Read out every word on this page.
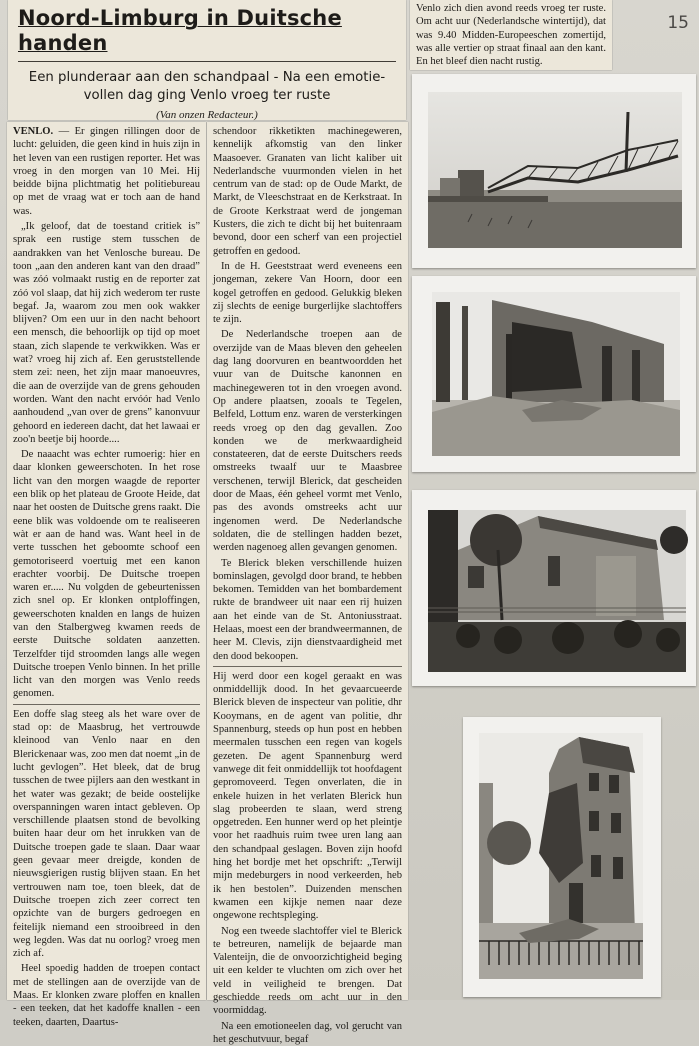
15
Noord-Limburg in Duitsche handen
Een plunderaar aan den schandpaal - Na een emotie-
vollen dag ging Venlo vroeg ter ruste
(Van onzen Redacteur.)

VENLO. — Er gingen rillingen door de lucht: geluiden, die geen kind in huis zijn in het leven van een rustigen reporter. Het was vroeg in den morgen van 10 Mei. Hij beidde bijna plichtmatig het politiebureau op met de vraag wat er toch aan de hand was.

„Ik geloof, dat de toestand critiek is” sprak een rustige stem tusschen de aandrakken van het Venlosche bureau. De toon „aan den anderen kant van den draad” was zóó volmaakt rustig en de reporter zat zóó vol slaap, dat hij zich wederom ter ruste begaf. Ja, waarom zou men ook wakker blijven? Om een uur in den nacht behoort een mensch, die behoorlijk op tijd op moet staan, zich slapende te verkwikken. Was er wat? vroeg hij zich af. Een geruststellende stem zei: neen, het zijn maar manoeuvres, die aan de overzijde van de grens gehouden worden. Want den nacht ervóór had Venlo aanhoudend „van over de grens” kanonvuur gehoord en iedereen dacht, dat het lawaai er zoo'n beetje bij hoorde....

De naaacht was echter rumoerig: hier en daar klonken geweerschoten. In het rose licht van den morgen waagde de reporter een blik op het plateau de Groote Heide, dat naar het oosten de Duitsche grens raakt. Die eene blik was voldoende om te realiseeren wàt er aan de hand was. Want heel in de verte tusschen het geboomte schoof een gemotoriseerd voertuig met een kanon erachter voorbij. De Duitsche troepen waren er..... Nu volgden de gebeurtenissen zich snel op. Er klonken ontploffingen, geweerschoten knalden en langs de huizen van den Stalbergweg kwamen reeds de eerste Duitsche soldaten aanzetten. Terzelfder tijd stroomden langs alle wegen Duitsche troepen Venlo binnen. In het prille licht van den morgen was Venlo reeds genomen.

Een doffe slag steeg als het ware over de stad op: de Maasbrug, het vertrouwde kleinood van Venlo naar en den Blerickenaar was, zoo men dat noemt „in de lucht gevlogen”. Het bleek, dat de brug tusschen de twee pijlers aan den westkant in het water was gezakt; de beide oostelijke overspanningen waren intact gebleven. Op verschillende plaatsen stond de bevolking buiten haar deur om het inrukken van de Duitsche troepen gade te slaan. Daar waar geen gevaar meer dreigde, konden de nieuwsgierigen rustig blijven staan. En het vertrouwen nam toe, toen bleek, dat de Duitsche troepen zich zeer correct ten opzichte van de burgers gedroegen en feitelijk niemand een strooibreed in den weg legden. Was dat nu oorlog? vroeg men zich af.

Heel spoedig hadden de troepen contact met de stellingen aan de overzijde van de Maas. Er klonken zware ploffen en knallen - een teeken, dat het kadoffe knallen - een teeken, daarten, Daartus-

schendoor rikketikten machinegeweren, kennelijk afkomstig van den linker Maasoever. Granaten van licht kaliber uit Nederlandsche vuurmonden vielen in het centrum van de stad: op de Oude Markt, de Markt, de Vleeschstraat en de Kerkstraat. In de Groote Kerkstraat werd de jongeman Kusters, die zich te dicht bij het buitenraam bevond, door een scherf van een projectiel getroffen en gedood.

In de H. Geeststraat werd eveneens een jongeman, zekere Van Hoorn, door een kogel getroffen en gedood. Gelukkig bleken zij slechts de eenige burgerlijke slachtoffers te zijn.

De Nederlandsche troepen aan de overzijde van de Maas bleven den geheelen dag lang doorvuren en beantwoordden het vuur van de Duitsche kanonnen en machinegeweren tot in den vroegen avond. Op andere plaatsen, zooals te Tegelen, Belfeld, Lottum enz. waren de versterkingen reeds vroeg op den dag gevallen. Zoo konden we de merkwaardigheid constateeren, dat de eerste Duitschers reeds omstreeks twaalf uur te Maasbree verschenen, terwijl Blerick, dat gescheiden door de Maas, één geheel vormt met Venlo, pas des avonds omstreeks acht uur ingenomen werd. De Nederlandsche soldaten, die de stellingen hadden bezet, werden nagenoeg allen gevangen genomen.

Te Blerick bleken verschillende huizen bominslagen, gevolgd door brand, te hebben bekomen. Temidden van het bombardement rukte de brandweer uit naar een rij huizen aan het einde van de St. Antoniusstraat. Helaas, moest een der brandweermannen, de heer M. Clevis, zijn dienstvaardigheid met den dood bekoopen.

Hij werd door een kogel geraakt en was onmiddellijk dood. In het gevaarcueerde Blerick bleven de inspecteur van politie, dhr Kooymans, en de agent van politie, dhr Spannenburg, steeds op hun post en hebben meermalen tusschen een regen van kogels gezeten. De agent Spannenburg werd vanwege dit feit onmiddellijk tot hoofdagent gepromoveerd. Tegen onverlaten, die in enkele huizen in het verlaten Blerick hun slag probeerden te slaan, werd streng opgetreden. Een hunner werd op het pleintje voor het raadhuis ruim twee uren lang aan den schandpaal geslagen. Boven zijn hoofd hing het bordje met het opschrift: „Terwijl mijn medeburgers in nood verkeerden, heb ik hen bestolen”. Duizenden menschen kwamen een kijkje nemen naar deze ongewone rechtspleging.

Nog een tweede slachtoffer viel te Blerick te betreuren, namelijk de bejaarde man Valenteijn, die de onvoorzichtigheid beging uit een kelder te vluchten om zich over het veld in veiligheid te brengen. Dat geschiedde reeds om acht uur in den voormiddag.

Na een emotioneelen dag, vol gerucht van het geschutvuur, begaf

Venlo zich dien avond reeds vroeg ter ruste. Om acht uur (Nederlandsche wintertijd), dat was 9.40 Midden-Europeeschen zomertijd, was alle vertier op straat finaal aan den kant. En het bleef dien nacht rustig.
